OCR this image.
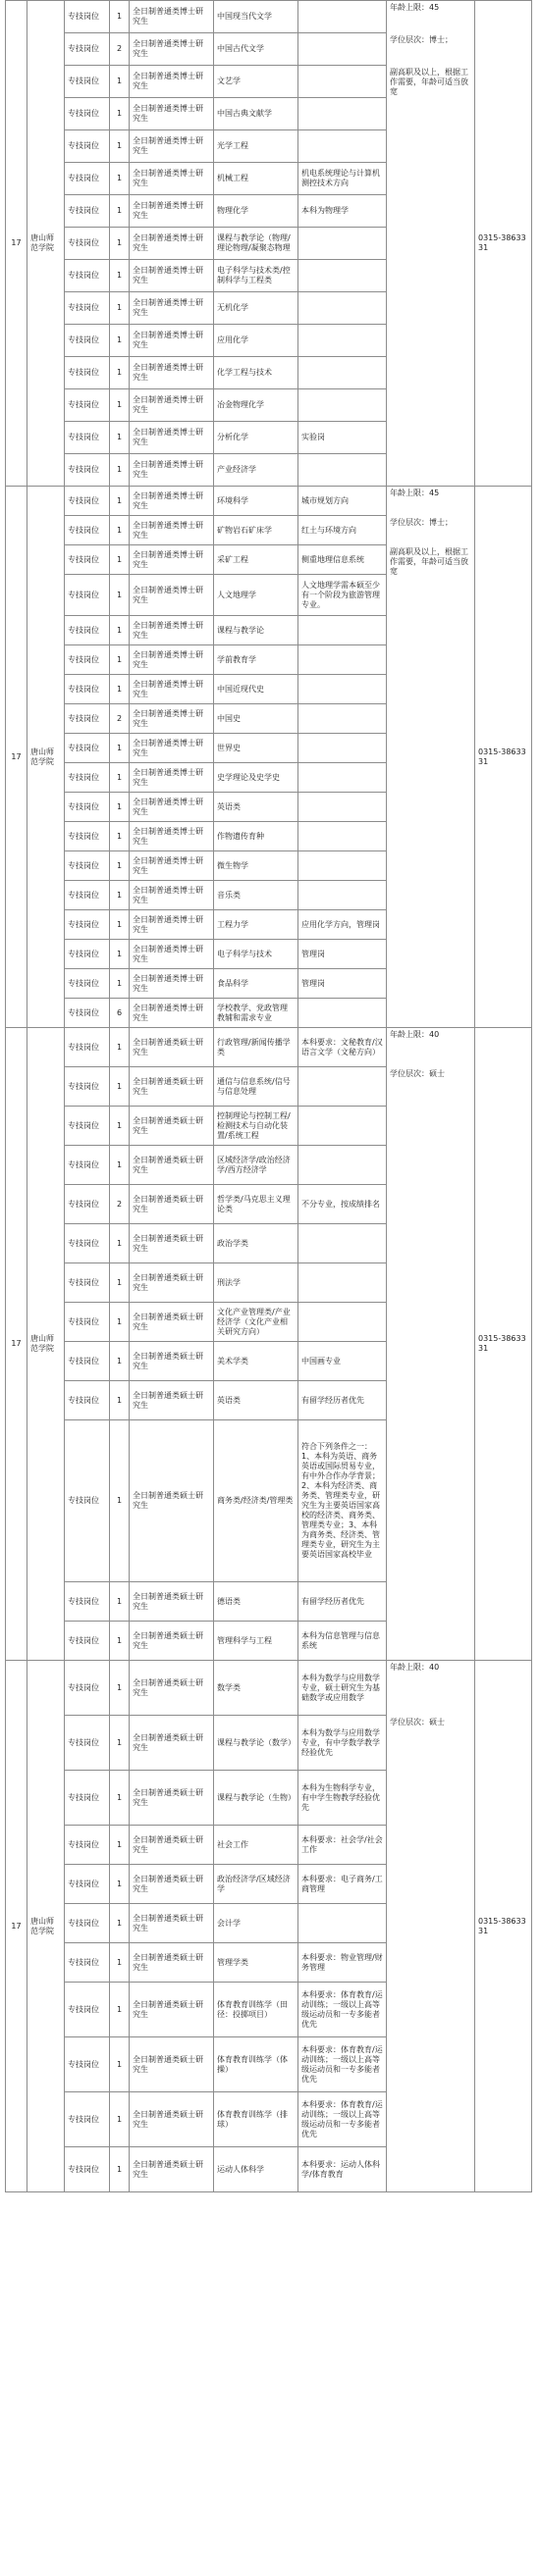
17	唐山师范学院	专技岗位	1	全日制普通类博士研究生	中国现当代文学		年龄上限：45
学位层次：博士；
副高职及以上，根据工作需要，年龄可适当放宽	0315-3863331
		专技岗位	2	全日制普通类博士研究生	中国古代文学			
		专技岗位	1	全日制普通类博士研究生	文艺学			
		专技岗位	1	全日制普通类博士研究生	中国古典文献学			
		专技岗位	1	全日制普通类博士研究生	光学工程			
		专技岗位	1	全日制普通类博士研究生	机械工程	机电系统理论与计算机测控技术方向		
		专技岗位	1	全日制普通类博士研究生	物理化学	本科为物理学		
		专技岗位	1	全日制普通类博士研究生	课程与教学论（物理/理论物理/凝聚态物理			
		专技岗位	1	全日制普通类博士研究生	电子科学与技术类/控制科学与工程类			
		专技岗位	1	全日制普通类博士研究生	无机化学			
		专技岗位	1	全日制普通类博士研究生	应用化学			
		专技岗位	1	全日制普通类博士研究生	化学工程与技术			
		专技岗位	1	全日制普通类博士研究生	冶金物理化学			
		专技岗位	1	全日制普通类博士研究生	分析化学	实验岗		
		专技岗位	1	全日制普通类博士研究生	产业经济学			
17	唐山师范学院	专技岗位	1	全日制普通类博士研究生	环境科学	城市规划方向	年龄上限：45
学位层次：博士；
副高职及以上，根据工作需要，年龄可适当放宽	0315-3863331
		专技岗位	1	全日制普通类博士研究生	矿物岩石矿床学	红土与环境方向		
		专技岗位	1	全日制普通类博士研究生	采矿工程	侧重地理信息系统		
		专技岗位	1	全日制普通类博士研究生	人文地理学	人文地理学需本硕至少有一个阶段为旅游管理专业。		
		专技岗位	1	全日制普通类博士研究生	课程与教学论			
		专技岗位	1	全日制普通类博士研究生	学前教育学			
		专技岗位	1	全日制普通类博士研究生	中国近现代史			
		专技岗位	2	全日制普通类博士研究生	中国史			
		专技岗位	1	全日制普通类博士研究生	世界史			
		专技岗位	1	全日制普通类博士研究生	史学理论及史学史			
		专技岗位	1	全日制普通类博士研究生	英语类			
		专技岗位	1	全日制普通类博士研究生	作物遗传育种			
		专技岗位	1	全日制普通类博士研究生	微生物学			
		专技岗位	1	全日制普通类博士研究生	音乐类			
		专技岗位	1	全日制普通类博士研究生	工程力学	应用化学方向，管理岗		
		专技岗位	1	全日制普通类博士研究生	电子科学与技术	管理岗		
		专技岗位	1	全日制普通类博士研究生	食品科学	管理岗		
		专技岗位	6	全日制普通类博士研究生	学校教学、党政管理教辅和需求专业			
17	唐山师范学院	专技岗位	1	全日制普通类硕士研究生	行政管理/新闻传播学类	本科要求：文秘教育/汉语言文学（文秘方向）	年龄上限：40
学位层次：硕士	0315-3863331
		专技岗位	1	全日制普通类硕士研究生	通信与信息系统/信号与信息处理			
		专技岗位	1	全日制普通类硕士研究生	控制理论与控制工程/检测技术与自动化装置/系统工程			
		专技岗位	1	全日制普通类硕士研究生	区域经济学/政治经济学/西方经济学			
		专技岗位	2	全日制普通类硕士研究生	哲学类/马克思主义理论类	不分专业，按成绩排名		
		专技岗位	1	全日制普通类硕士研究生	政治学类			
		专技岗位	1	全日制普通类硕士研究生	刑法学			
		专技岗位	1	全日制普通类硕士研究生	文化产业管理类/产业经济学（文化产业相关研究方向）			
		专技岗位	1	全日制普通类硕士研究生	美术学类	中国画专业		
		专技岗位	1	全日制普通类硕士研究生	英语类	有留学经历者优先		
		专技岗位	1	全日制普通类硕士研究生	商务类/经济类/管理类	符合下列条件之一：1、本科为英语、商务英语或国际贸易专业，有中外合作办学背景；2、本科为经济类、商务类、管理类专业，研究生为主要英语国家高校的经济类、商务类、管理类专业；3、本科为商务类、经济类、管理类专业，研究生为主要英语国家高校毕业		
		专技岗位	1	全日制普通类硕士研究生	德语类	有留学经历者优先		
		专技岗位	1	全日制普通类硕士研究生	管理科学与工程	本科为信息管理与信息系统		
17	唐山师范学院	专技岗位	1	全日制普通类硕士研究生	数学类	本科为数学与应用数学专业，硕士研究生为基础数学或应用数学	年龄上限：40
学位层次：硕士	0315-3863331
		专技岗位	1	全日制普通类硕士研究生	课程与教学论（数学）	本科为数学与应用数学专业，有中学数学教学经验优先		
		专技岗位	1	全日制普通类硕士研究生	课程与教学论（生物）	本科为生物科学专业，有中学生物教学经验优先		
		专技岗位	1	全日制普通类硕士研究生	社会工作	本科要求：社会学/社会工作		
		专技岗位	1	全日制普通类硕士研究生	政治经济学/区域经济学	本科要求：电子商务/工商管理		
		专技岗位	1	全日制普通类硕士研究生	会计学			
		专技岗位	1	全日制普通类硕士研究生	管理学类	本科要求：物业管理/财务管理		
		专技岗位	1	全日制普通类硕士研究生	体育教育训练学（田径：投掷项目）	本科要求：体育教育/运动训练；一级以上高等级运动员和一专多能者优先		
		专技岗位	1	全日制普通类硕士研究生	体育教育训练学（体操）	本科要求：体育教育/运动训练；一级以上高等级运动员和一专多能者优先		
		专技岗位	1	全日制普通类硕士研究生	体育教育训练学（排球）	本科要求：体育教育/运动训练；一级以上高等级运动员和一专多能者优先		
		专技岗位	1	全日制普通类硕士研究生	运动人体科学	本科要求：运动人体科学/体育教育		
